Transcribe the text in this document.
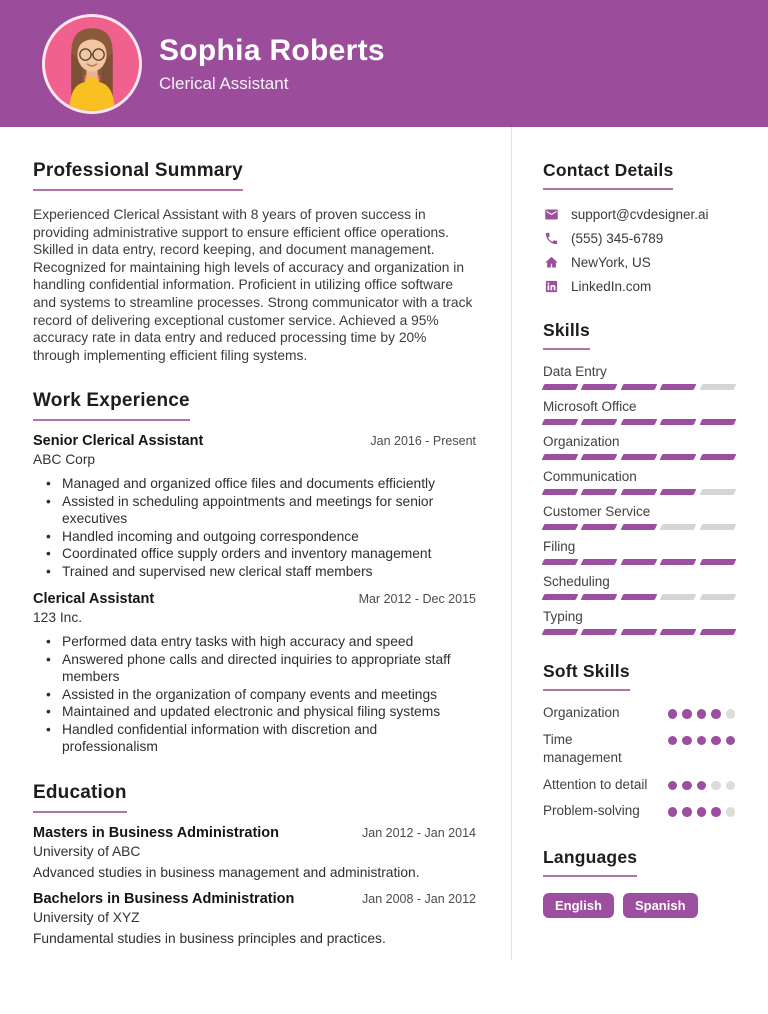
Sophia Roberts
Clerical Assistant
Professional Summary

Experienced Clerical Assistant with 8 years of proven success in providing administrative support to ensure efficient office operations. Skilled in data entry, record keeping, and document management. Recognized for maintaining high levels of accuracy and organization in handling confidential information. Proficient in utilizing office software and systems to streamline processes. Strong communicator with a track record of delivering exceptional customer service. Achieved a 95% accuracy rate in data entry and reduced processing time by 20% through implementing efficient filing systems.

Work Experience
Senior Clerical Assistant	Jan 2016 - Present
ABC Corp
• Managed and organized office files and documents efficiently
• Assisted in scheduling appointments and meetings for senior executives
• Handled incoming and outgoing correspondence
• Coordinated office supply orders and inventory management
• Trained and supervised new clerical staff members
Clerical Assistant	Mar 2012 - Dec 2015
123 Inc.
• Performed data entry tasks with high accuracy and speed
• Answered phone calls and directed inquiries to appropriate staff members
• Assisted in the organization of company events and meetings
• Maintained and updated electronic and physical filing systems
• Handled confidential information with discretion and professionalism
Education
Masters in Business Administration	Jan 2012 - Jan 2014
University of ABC
Advanced studies in business management and administration.
Bachelors in Business Administration	Jan 2008 - Jan 2012
University of XYZ
Fundamental studies in business principles and practices.
Contact Details
support@cvdesigner.ai
(555) 345-6789
NewYork, US
LinkedIn.com
Skills
Data Entry
Microsoft Office
Organization
Communication
Customer Service
Filing
Scheduling
Typing
Soft Skills
Organization
Time management
Attention to detail
Problem-solving
Languages
English	Spanish
